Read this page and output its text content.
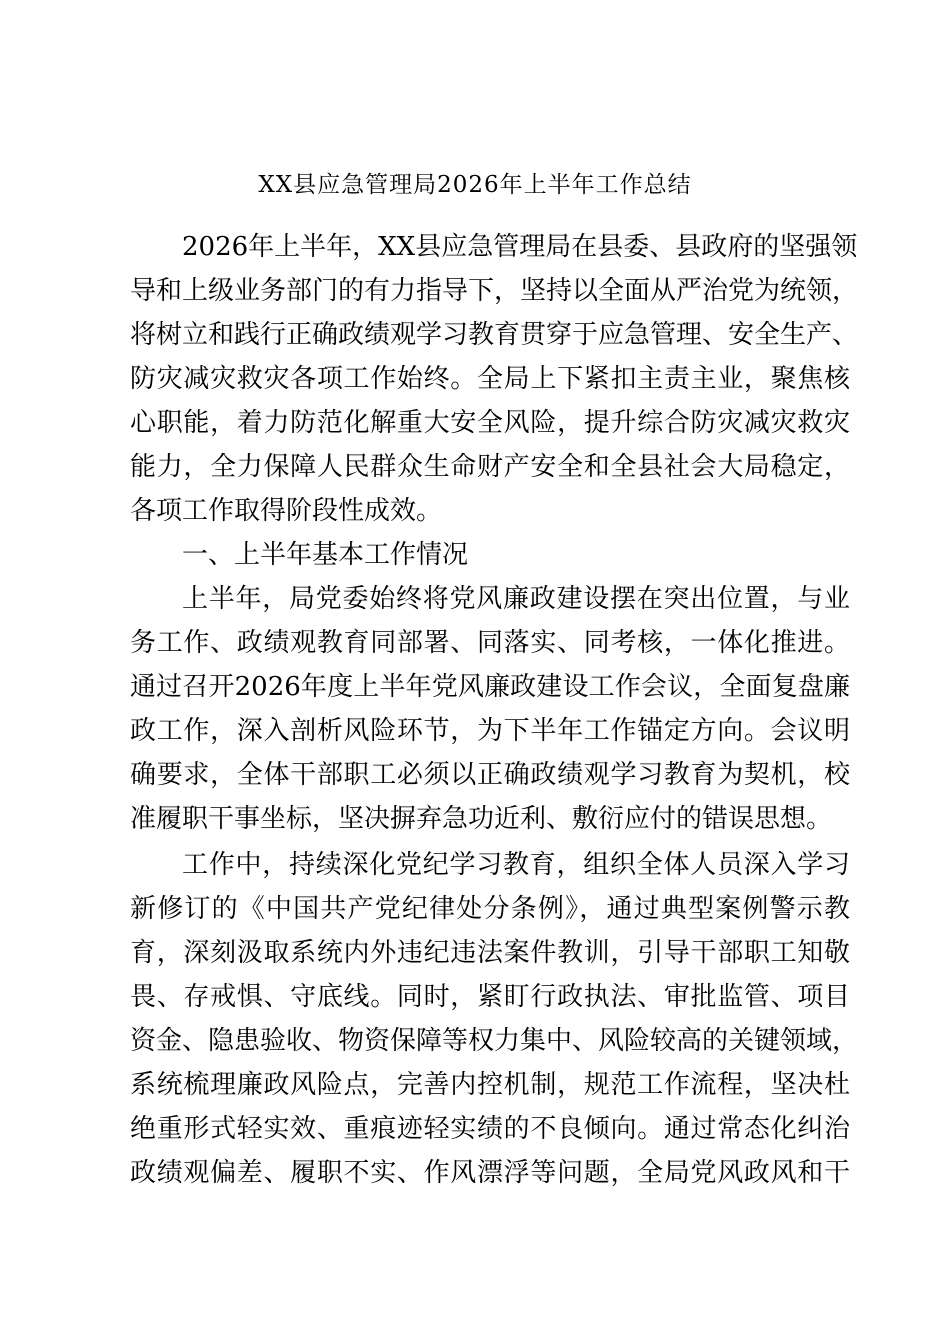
XX县应急管理局2026年上半年工作总结
2026年上半年，XX县应急管理局在县委、县政府的坚强领
导和上级业务部门的有力指导下，坚持以全面从严治党为统领，
将树立和践行正确政绩观学习教育贯穿于应急管理、安全生产、
防灾减灾救灾各项工作始终。全局上下紧扣主责主业，聚焦核
心职能，着力防范化解重大安全风险，提升综合防灾减灾救灾
能力，全力保障人民群众生命财产安全和全县社会大局稳定，
各项工作取得阶段性成效。
一、上半年基本工作情况
上半年，局党委始终将党风廉政建设摆在突出位置，与业
务工作、政绩观教育同部署、同落实、同考核，一体化推进。
通过召开2026年度上半年党风廉政建设工作会议，全面复盘廉
政工作，深入剖析风险环节，为下半年工作锚定方向。会议明
确要求，全体干部职工必须以正确政绩观学习教育为契机，校
准履职干事坐标，坚决摒弃急功近利、敷衍应付的错误思想。
工作中，持续深化党纪学习教育，组织全体人员深入学习
新修订的《中国共产党纪律处分条例》，通过典型案例警示教
育，深刻汲取系统内外违纪违法案件教训，引导干部职工知敬
畏、存戒惧、守底线。同时，紧盯行政执法、审批监管、项目
资金、隐患验收、物资保障等权力集中、风险较高的关键领域，
系统梳理廉政风险点，完善内控机制，规范工作流程，坚决杜
绝重形式轻实效、重痕迹轻实绩的不良倾向。通过常态化纠治
政绩观偏差、履职不实、作风漂浮等问题，全局党风政风和干
